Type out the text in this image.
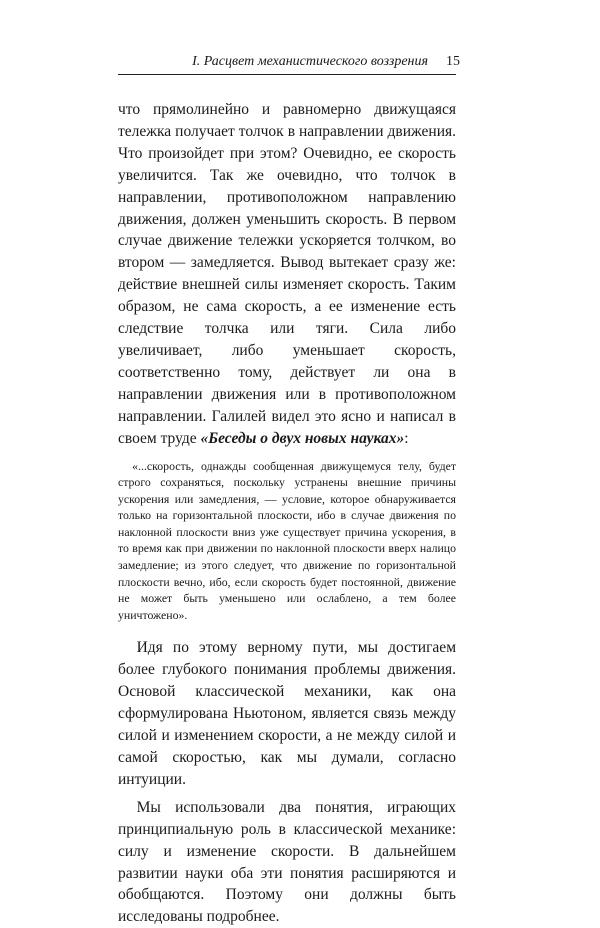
I. Расцвет механистического воззрения 15

что прямолинейно и равномерно движущаяся тележка получает толчок в направлении движения. Что произойдет при этом? Очевидно, ее скорость увеличится. Так же очевидно, что толчок в направлении, противоположном направлению движения, должен уменьшить скорость. В первом случае движение тележки ускоряется толчком, во втором — замедляется. Вывод вытекает сразу же: действие внешней силы изменяет скорость. Таким образом, не сама скорость, а ее изменение есть следствие толчка или тяги. Сила либо увеличивает, либо уменьшает скорость, соответственно тому, действует ли она в направлении движения или в противоположном направлении. Галилей видел это ясно и написал в своем труде «Беседы о двух новых науках»:

«...скорость, однажды сообщенная движущемуся телу, будет строго сохраняться, поскольку устранены внешние причины ускорения или замедления, — условие, которое обнаруживается только на горизонтальной плоскости, ибо в случае движения по наклонной плоскости вниз уже существует причина ускорения, в то время как при движении по наклонной плоскости вверх налицо замедление; из этого следует, что движение по горизонтальной плоскости вечно, ибо, если скорость будет постоянной, движение не может быть уменьшено или ослаблено, а тем более уничтожено».

Идя по этому верному пути, мы достигаем более глубокого понимания проблемы движения. Основой классической механики, как она сформулирована Ньютоном, является связь между силой и изменением скорости, а не между силой и самой скоростью, как мы думали, согласно интуиции.

Мы использовали два понятия, играющих принципиальную роль в классической механике: силу и изменение скорости. В дальнейшем развитии науки оба эти понятия расширяются и обобщаются. Поэтому они должны быть исследованы подробнее.
